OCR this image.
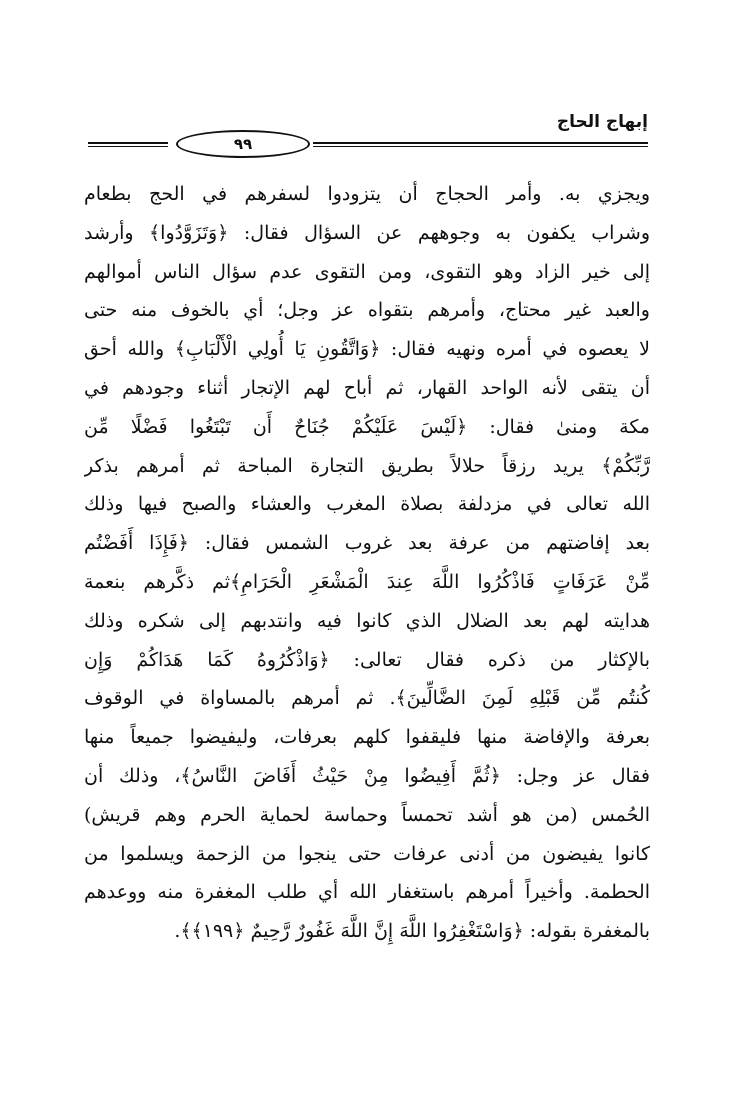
إبهاج الحاج
٩٩
ويجزي به. وأمر الحجاج أن يتزودوا لسفرهم في الحج بطعام
وشراب يكفون به وجوههم عن السؤال فقال: ﴿وَتَزَوَّدُوا﴾ وأرشد
إلى خير الزاد وهو التقوى، ومن التقوى عدم سؤال الناس أموالهم
والعبد غير محتاج، وأمرهم بتقواه عز وجل؛ أي بالخوف منه حتى
لا يعصوه في أمره ونهيه فقال: ﴿وَاتَّقُونِ يَا أُولِي الْأَلْبَابِ﴾ والله أحق
أن يتقى لأنه الواحد القهار، ثم أباح لهم الإتجار أثناء وجودهم في
مكة ومنىٰ فقال: ﴿لَيْسَ عَلَيْكُمْ جُنَاحٌ أَن تَبْتَغُوا فَضْلًا مِّن
رَّبِّكُمْ﴾ يريد رزقاً حلالاً بطريق التجارة المباحة ثم أمرهم بذكر
الله تعالى في مزدلفة بصلاة المغرب والعشاء والصبح فيها وذلك
بعد إفاضتهم من عرفة بعد غروب الشمس فقال: ﴿فَإِذَا أَفَضْتُم
مِّنْ عَرَفَاتٍ فَاذْكُرُوا اللَّهَ عِندَ الْمَشْعَرِ الْحَرَامِ﴾ثم ذكَّرهم بنعمة
هدايته لهم بعد الضلال الذي كانوا فيه وانتدبهم إلى شكره وذلك
بالإكثار من ذكره فقال تعالى: ﴿وَاذْكُرُوهُ كَمَا هَدَاكُمْ وَإِن
كُنتُم مِّن قَبْلِهِ لَمِنَ الضَّالِّينَ﴾. ثم أمرهم بالمساواة في الوقوف
بعرفة والإفاضة منها فليقفوا كلهم بعرفات، وليفيضوا جميعاً منها
فقال عز وجل: ﴿ثُمَّ أَفِيضُوا مِنْ حَيْثُ أَفَاضَ النَّاسُ﴾، وذلك أن
الحُمس (من هو أشد تحمساً وحماسة لحماية الحرم وهم قريش)
كانوا يفيضون من أدنى عرفات حتى ينجوا من الزحمة ويسلموا من
الحطمة. وأخيراً أمرهم باستغفار الله أي طلب المغفرة منه ووعدهم
بالمغفرة بقوله: ﴿وَاسْتَغْفِرُوا اللَّهَ إِنَّ اللَّهَ غَفُورٌ رَّحِيمٌ ﴿١٩٩﴾﴾.
